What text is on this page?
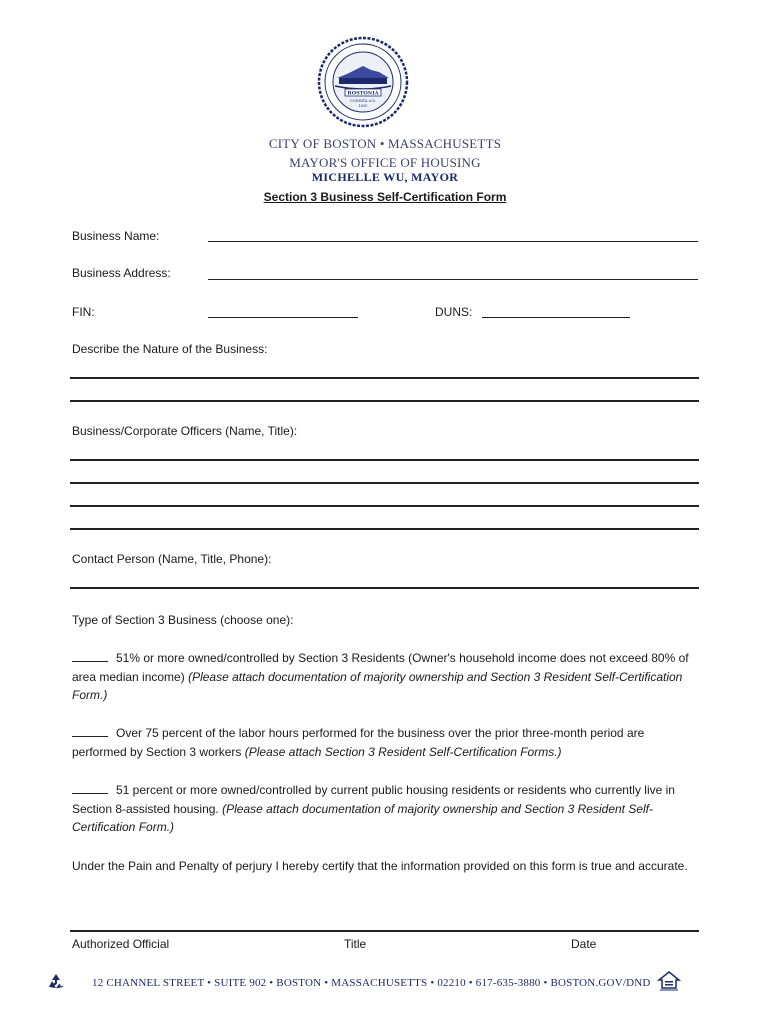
BOSTONIA
CONDITA A.D.
1630
CITY OF BOSTON • MASSACHUSETTS
MAYOR'S OFFICE OF HOUSING
MICHELLE WU, MAYOR
Section 3 Business Self-Certification Form
Business Name:
Business Address:
FIN:	DUNS:
Describe the Nature of the Business:
Business/Corporate Officers (Name, Title):
Contact Person (Name, Title, Phone):
Type of Section 3 Business (choose one):
51% or more owned/controlled by Section 3 Residents (Owner's household income does not exceed 80% of area median income) (Please attach documentation of majority ownership and Section 3 Resident Self-Certification Form.)
Over 75 percent of the labor hours performed for the business over the prior three-month period are performed by Section 3 workers (Please attach Section 3 Resident Self-Certification Forms.)
51 percent or more owned/controlled by current public housing residents or residents who currently live in Section 8-assisted housing. (Please attach documentation of majority ownership and Section 3 Resident Self-Certification Form.)
Under the Pain and Penalty of perjury I hereby certify that the information provided on this form is true and accurate.
Authorized Official	Title	Date
12 CHANNEL STREET • SUITE 902 • BOSTON • MASSACHUSETTS • 02210 • 617-635-3880 • BOSTON.GOV/DND
